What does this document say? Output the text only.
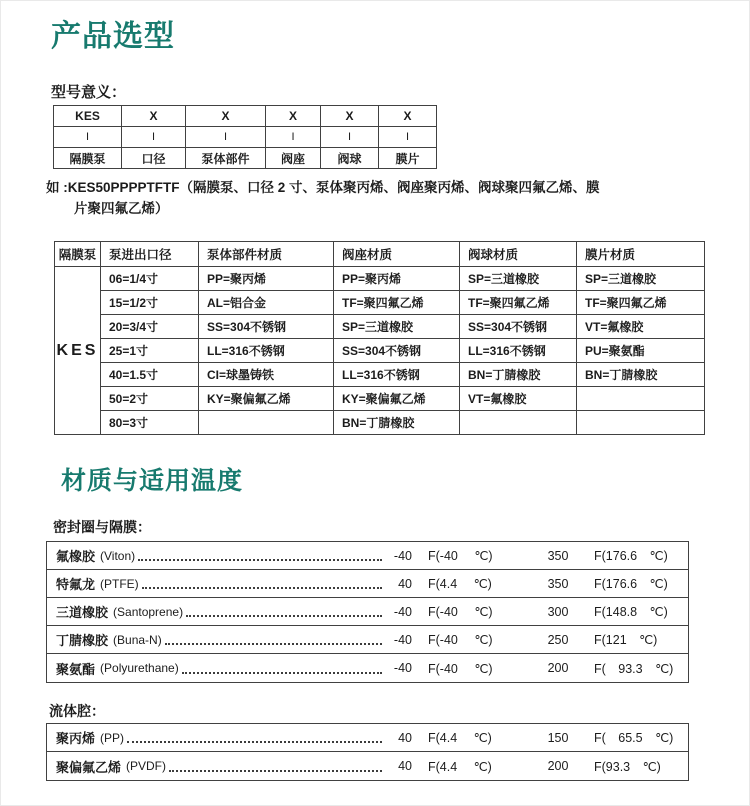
产品选型
型号意义：
KES	X	X	X	X	X
I	I	I	I	I	I
隔膜泵	口径	泵体部件	阀座	阀球	膜片
如 :KES50PPPPTFTF（隔膜泵、口径 2 寸、泵体聚丙烯、阀座聚丙烯、阀球聚四氟乙烯、膜
片聚四氟乙烯）
隔膜泵	泵进出口径	泵体部件材质	阀座材质	阀球材质	膜片材质
KES	06=1/4寸	PP=聚丙烯	PP=聚丙烯	SP=三道橡胶	SP=三道橡胶
	15=1/2寸	AL=铝合金	TF=聚四氟乙烯	TF=聚四氟乙烯	TF=聚四氟乙烯
	20=3/4寸	SS=304不锈钢	SP=三道橡胶	SS=304不锈钢	VT=氟橡胶
	25=1寸	LL=316不锈钢	SS=304不锈钢	LL=316不锈钢	PU=聚氨酯
	40=1.5寸	CI=球墨铸铁	LL=316不锈钢	BN=丁腈橡胶	BN=丁腈橡胶
	50=2寸	KY=聚偏氟乙烯	KY=聚偏氟乙烯	VT=氟橡胶	
	80=3寸		BN=丁腈橡胶		
材质与适用温度
密封圈与隔膜：
氟橡胶 (Viton)	-40 F(-40 ℃)	350	F(176.6 ℃)
特氟龙 (PTFE)	40 F(4.4 ℃)	350	F(176.6 ℃)
三道橡胶 (Santoprene)	-40 F(-40 ℃)	300	F(148.8 ℃)
丁腈橡胶 (Buna-N)	-40 F(-40 ℃)	250	F(121 ℃)
聚氨酯 (Polyurethane)	-40 F(-40 ℃)	200	F( 93.3 ℃)
流体腔：
聚丙烯 (PP)	40 F(4.4 ℃)	150	F( 65.5 ℃)
聚偏氟乙烯 (PVDF)	40 F(4.4 ℃)	200	F(93.3 ℃)
